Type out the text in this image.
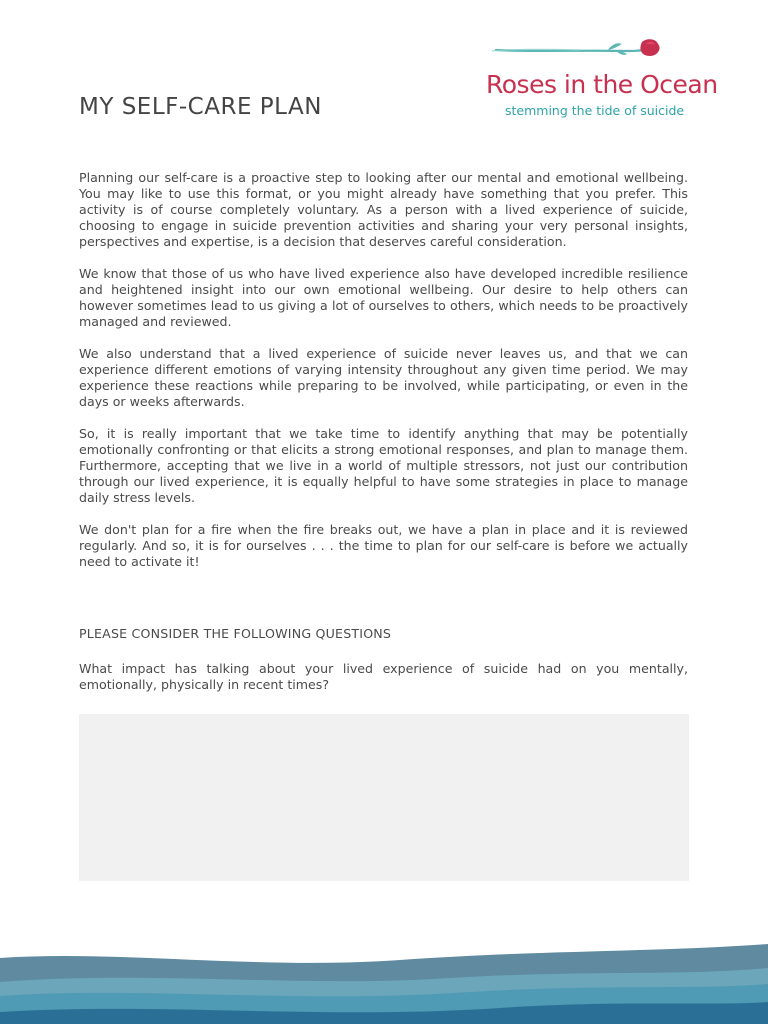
MY SELF-CARE PLAN
Roses in the Ocean
stemming the tide of suicide

Planning our self-care is a proactive step to looking after our mental and emotional wellbeing. You may like to use this format, or you might already have something that you prefer. This activity is of course completely voluntary. As a person with a lived experience of suicide, choosing to engage in suicide prevention activities and sharing your very personal insights, perspectives and expertise, is a decision that deserves careful consideration.

We know that those of us who have lived experience also have developed incredible resilience and heightened insight into our own emotional wellbeing. Our desire to help others can however sometimes lead to us giving a lot of ourselves to others, which needs to be proactively managed and reviewed.

We also understand that a lived experience of suicide never leaves us, and that we can experience different emotions of varying intensity throughout any given time period. We may experience these reactions while preparing to be involved, while participating, or even in the days or weeks afterwards.

So, it is really important that we take time to identify anything that may be potentially emotionally confronting or that elicits a strong emotional responses, and plan to manage them. Furthermore, accepting that we live in a world of multiple stressors, not just our contribution through our lived experience, it is equally helpful to have some strategies in place to manage daily stress levels.

We don't plan for a fire when the fire breaks out, we have a plan in place and it is reviewed regularly. And so, it is for ourselves . . . the time to plan for our self-care is before we actually need to activate it!

PLEASE CONSIDER THE FOLLOWING QUESTIONS

What impact has talking about your lived experience of suicide had on you mentally, emotionally, physically in recent times?
